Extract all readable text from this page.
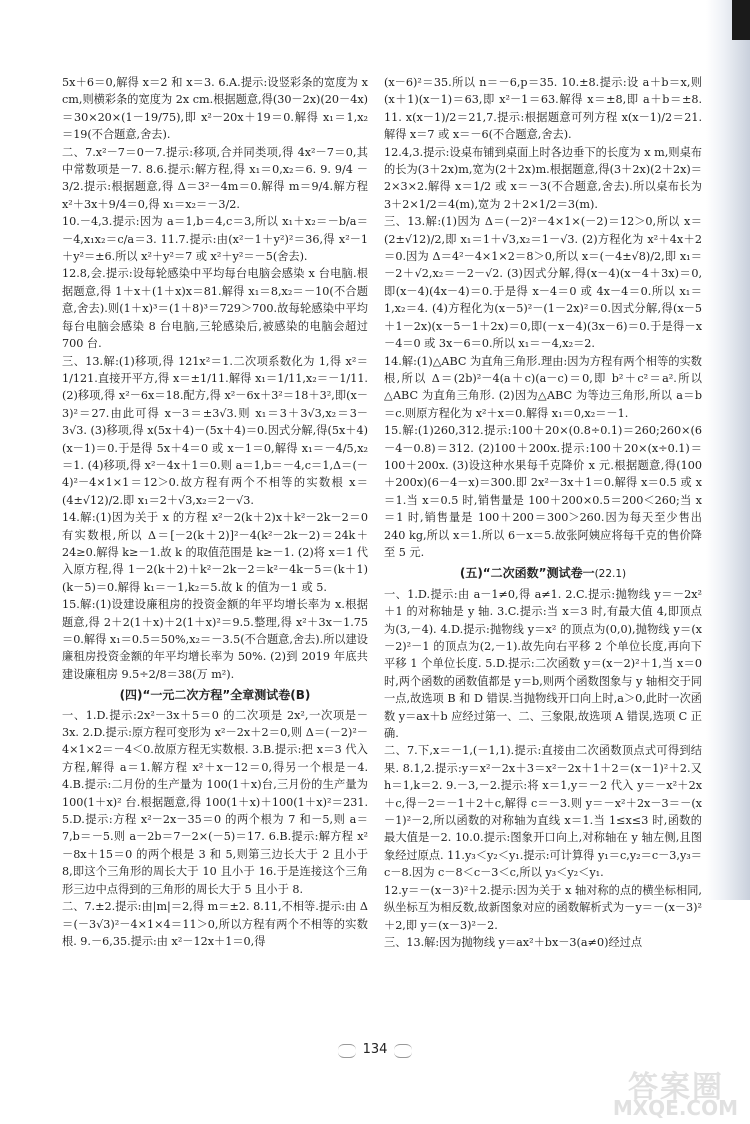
5x＋6＝0,解得 x＝2 和 x＝3. 6.A.提示:设竖彩条的宽度为 x cm,则横彩条的宽度为 2x cm.根据题意,得(30－2x)(20－4x)＝30×20×(1－19/75),即 x²－20x＋19＝0.解得 x₁＝1,x₂＝19(不合题意,舍去).

二、7.x²－7＝0－7.提示:移项,合并同类项,得 4x²－7＝0,其中常数项是－7. 8.6.提示:解方程,得 x₁＝0,x₂＝6. 9. 9/4 －3/2.提示:根据题意,得 Δ＝3²－4m＝0.解得 m＝9/4.解方程 x²＋3x＋9/4＝0,得 x₁＝x₂＝－3/2.

10.－4,3.提示:因为 a＝1,b＝4,c＝3,所以 x₁＋x₂＝－b/a＝－4,x₁x₂＝c/a＝3. 11.7.提示:由(x²－1＋y²)²＝36,得 x²－1＋y²＝±6.所以 x²＋y²＝7 或 x²＋y²＝－5(舍去).

12.8,会.提示:设每轮感染中平均每台电脑会感染 x 台电脑.根据题意,得 1＋x＋(1＋x)x＝81.解得 x₁＝8,x₂＝－10(不合题意,舍去).则(1＋x)³＝(1＋8)³＝729＞700.故每轮感染中平均每台电脑会感染 8 台电脑,三轮感染后,被感染的电脑会超过 700 台.

三、13.解:(1)移项,得 121x²＝1.二次项系数化为 1,得 x²＝1/121.直接开平方,得 x＝±1/11.解得 x₁＝1/11,x₂＝－1/11. (2)移项,得 x²－6x＝18.配方,得 x²－6x＋3²＝18＋3²,即(x－3)²＝27.由此可得 x－3＝±3√3.则 x₁＝3＋3√3,x₂＝3－3√3. (3)移项,得 x(5x＋4)－(5x＋4)＝0.因式分解,得(5x＋4)(x－1)＝0.于是得 5x＋4＝0 或 x－1＝0,解得 x₁＝－4/5,x₂＝1. (4)移项,得 x²－4x＋1＝0.则 a＝1,b＝－4,c＝1,Δ＝(－4)²－4×1×1＝12＞0.故方程有两个不相等的实数根 x＝(4±√12)/2.即 x₁＝2＋√3,x₂＝2－√3.

14.解:(1)因为关于 x 的方程 x²－2(k＋2)x＋k²－2k－2＝0 有实数根,所以 Δ＝[－2(k＋2)]²－4(k²－2k－2)＝24k＋24≥0.解得 k≥－1.故 k 的取值范围是 k≥－1. (2)将 x＝1 代入原方程,得 1－2(k＋2)＋k²－2k－2＝k²－4k－5＝(k＋1)(k－5)＝0.解得 k₁＝－1,k₂＝5.故 k 的值为－1 或 5.

15.解:(1)设建设廉租房的投资金额的年平均增长率为 x.根据题意,得 2＋2(1＋x)＋2(1＋x)²＝9.5.整理,得 x²＋3x－1.75＝0.解得 x₁＝0.5＝50%,x₂＝－3.5(不合题意,舍去).所以建设廉租房投资金额的年平均增长率为 50%. (2)到 2019 年底共建设廉租房 9.5÷2/8＝38(万 m²).

(四)“一元二次方程”全章测试卷(B)

一、1.D.提示:2x²－3x＋5＝0 的二次项是 2x²,一次项是－3x. 2.D.提示:原方程可变形为 x²－2x＋2＝0,则 Δ＝(－2)²－4×1×2＝－4＜0.故原方程无实数根. 3.B.提示:把 x＝3 代入方程,解得 a＝1.解方程 x²＋x－12＝0,得另一个根是－4. 4.B.提示:二月份的生产量为 100(1＋x)台,三月份的生产量为 100(1＋x)² 台.根据题意,得 100(1＋x)＋100(1＋x)²＝231. 5.D.提示:方程 x²－2x－35＝0 的两个根为 7 和－5,则 a＝7,b＝－5.则 a－2b＝7－2×(－5)＝17. 6.B.提示:解方程 x²－8x＋15＝0 的两个根是 3 和 5,则第三边长大于 2 且小于 8,即这个三角形的周长大于 10 且小于 16.于是连接这个三角形三边中点得到的三角形的周长大于 5 且小于 8.

二、7.±2.提示:由|m|＝2,得 m＝±2. 8.11,不相等.提示:由 Δ＝(－3√3)²－4×1×4＝11＞0,所以方程有两个不相等的实数根. 9.－6,35.提示:由 x²－12x＋1＝0,得

(x－6)²＝35.所以 n＝－6,p＝35. 10.±8.提示:设 a＋b＝x,则(x＋1)(x－1)＝63,即 x²－1＝63.解得 x＝±8,即 a＋b＝±8. 11. x(x－1)/2＝21,7.提示:根据题意可列方程 x(x－1)/2＝21.解得 x＝7 或 x＝－6(不合题意,舍去).

12.4,3.提示:设桌布铺到桌面上时各边垂下的长度为 x m,则桌布的长为(3＋2x)m,宽为(2＋2x)m.根据题意,得(3＋2x)(2＋2x)＝2×3×2.解得 x＝1/2 或 x＝－3(不合题意,舍去).所以桌布长为 3＋2×1/2＝4(m),宽为 2＋2×1/2＝3(m).

三、13.解:(1)因为 Δ＝(－2)²－4×1×(－2)＝12＞0,所以 x＝(2±√12)/2,即 x₁＝1＋√3,x₂＝1－√3. (2)方程化为 x²＋4x＋2＝0.因为 Δ＝4²－4×1×2＝8＞0,所以 x＝(－4±√8)/2,即 x₁＝－2＋√2,x₂＝－2－√2. (3)因式分解,得(x－4)(x－4＋3x)＝0,即(x－4)(4x－4)＝0.于是得 x－4＝0 或 4x－4＝0.所以 x₁＝1,x₂＝4. (4)方程化为(x－5)²－(1－2x)²＝0.因式分解,得(x－5＋1－2x)(x－5－1＋2x)＝0,即(－x－4)(3x－6)＝0.于是得－x－4＝0 或 3x－6＝0.所以 x₁＝－4,x₂＝2.

14.解:(1)△ABC 为直角三角形.理由:因为方程有两个相等的实数根,所以 Δ＝(2b)²－4(a＋c)(a－c)＝0,即 b²＋c²＝a².所以△ABC 为直角三角形. (2)因为△ABC 为等边三角形,所以 a＝b＝c.则原方程化为 x²＋x＝0.解得 x₁＝0,x₂＝－1.

15.解:(1)260,312.提示:100＋20×(0.8÷0.1)＝260;260×(6－4－0.8)＝312. (2)100＋200x.提示:100＋20×(x÷0.1)＝100＋200x. (3)设这种水果每千克降价 x 元.根据题意,得(100＋200x)(6－4－x)＝300.即 2x²－3x＋1＝0.解得 x＝0.5 或 x＝1.当 x＝0.5 时,销售量是 100＋200×0.5＝200＜260;当 x＝1 时,销售量是 100＋200＝300＞260.因为每天至少售出 240 kg,所以 x＝1.所以 6－x＝5.故张阿姨应将每千克的售价降至 5 元.

(五)“二次函数”测试卷一(22.1)

一、1.D.提示:由 a－1≠0,得 a≠1. 2.C.提示:抛物线 y＝－2x²＋1 的对称轴是 y 轴. 3.C.提示:当 x＝3 时,有最大值 4,即顶点为(3,－4). 4.D.提示:抛物线 y＝x² 的顶点为(0,0),抛物线 y＝(x－2)²－1 的顶点为(2,－1).故先向右平移 2 个单位长度,再向下平移 1 个单位长度. 5.D.提示:二次函数 y＝(x－2)²＋1,当 x＝0 时,两个函数的函数值都是 y＝b,则两个函数图象与 y 轴相交于同一点,故选项 B 和 D 错误.当抛物线开口向上时,a＞0,此时一次函数 y＝ax＋b 应经过第一、二、三象限,故选项 A 错误,选项 C 正确.

二、7.下,x＝－1,(－1,1).提示:直接由二次函数顶点式可得到结果. 8.1,2.提示:y＝x²－2x＋3＝x²－2x＋1＋2＝(x－1)²＋2.又 h＝1,k＝2. 9.－3,－2.提示:将 x＝1,y＝－2 代入 y＝－x²＋2x＋c,得－2＝－1＋2＋c,解得 c＝－3.则 y＝－x²＋2x－3＝－(x－1)²－2,所以函数的对称轴为直线 x＝1.当 1≤x≤3 时,函数的最大值是－2. 10.0.提示:图象开口向上,对称轴在 y 轴左侧,且图象经过原点. 11.y₃＜y₂＜y₁.提示:可计算得 y₁＝c,y₂＝c－3,y₃＝c－8.因为 c－8＜c－3＜c,所以 y₃＜y₂＜y₁.

12.y＝－(x－3)²＋2.提示:因为关于 x 轴对称的点的横坐标相同,纵坐标互为相反数,故新图象对应的函数解析式为－y＝－(x－3)²＋2,即 y＝(x－3)²－2.

三、13.解:因为抛物线 y＝ax²＋bx－3(a≠0)经过点

134
答案圈
MXQE.COM
